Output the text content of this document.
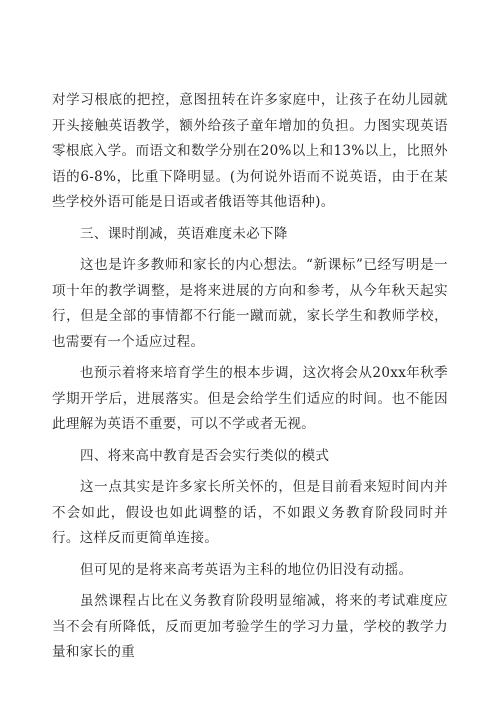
对学习根底的把控，意图扭转在许多家庭中，让孩子在幼儿园就开头接触英语教学，额外给孩子童年增加的负担。力图实现英语零根底入学。而语文和数学分别在20%以上和13%以上，比照外语的6-8%，比重下降明显。(为何说外语而不说英语，由于在某些学校外语可能是日语或者俄语等其他语种)。

三、课时削减，英语难度未必下降

这也是许多教师和家长的内心想法。“新课标”已经写明是一项十年的教学调整，是将来进展的方向和参考，从今年秋天起实行，但是全部的事情都不行能一蹴而就，家长学生和教师学校，也需要有一个适应过程。

也预示着将来培育学生的根本步调，这次将会从20xx年秋季学期开学后，进展落实。但是会给学生们适应的时间。也不能因此理解为英语不重要，可以不学或者无视。

四、将来高中教育是否会实行类似的模式

这一点其实是许多家长所关怀的，但是目前看来短时间内并不会如此，假设也如此调整的话，不如跟义务教育阶段同时并行。这样反而更简单连接。

但可见的是将来高考英语为主科的地位仍旧没有动摇。

虽然课程占比在义务教育阶段明显缩减，将来的考试难度应当不会有所降低，反而更加考验学生的学习力量，学校的教学力量和家长的重
